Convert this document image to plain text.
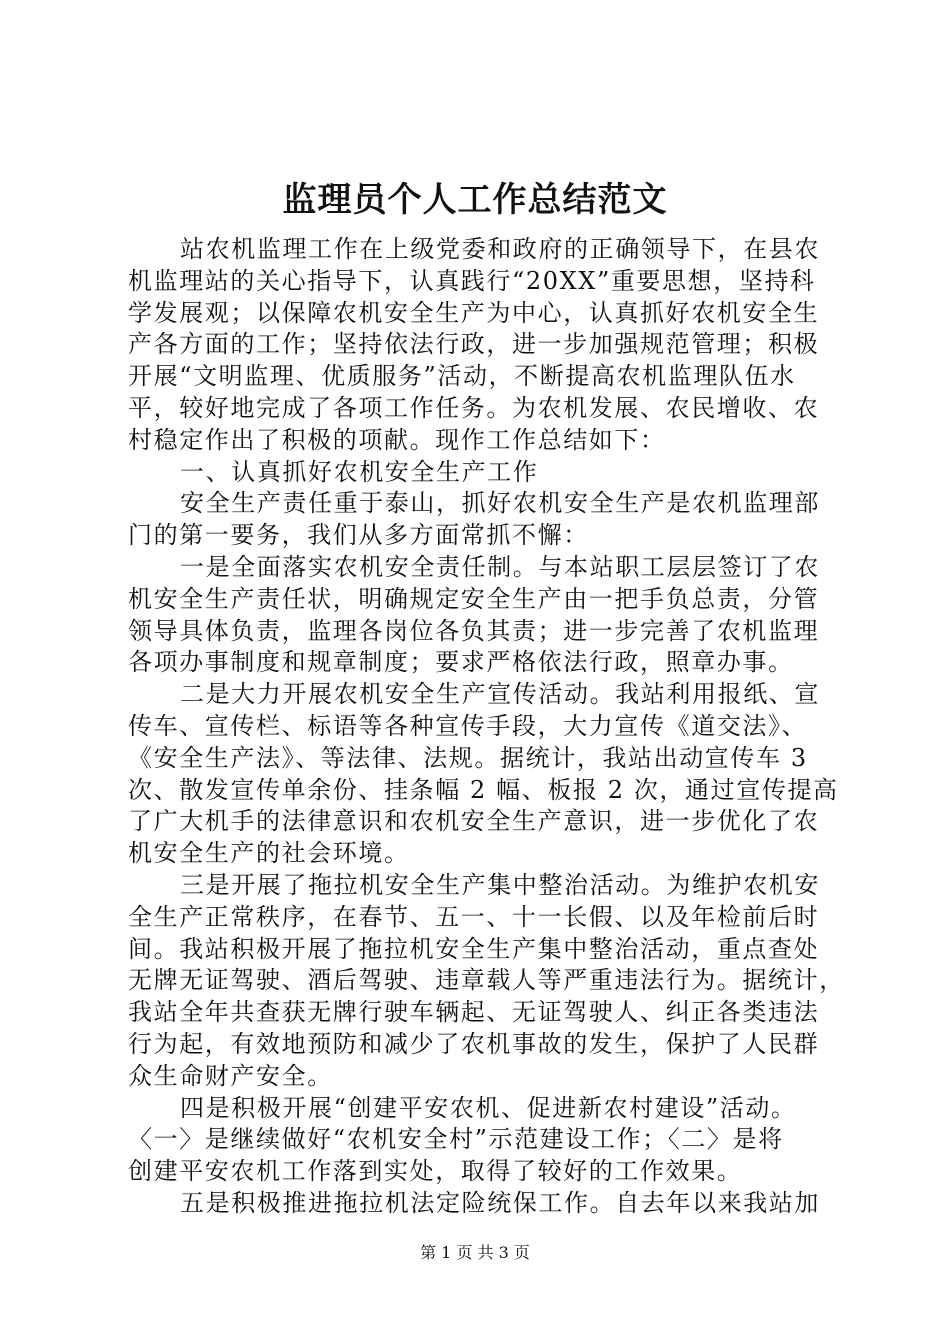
监理员个人工作总结范文
站农机监理工作在上级党委和政府的正确领导下，在县农
机监理站的关心指导下，认真践行“20XX”重要思想，坚持科
学发展观；以保障农机安全生产为中心，认真抓好农机安全生
产各方面的工作；坚持依法行政，进一步加强规范管理；积极
开展“文明监理、优质服务”活动，不断提高农机监理队伍水
平，较好地完成了各项工作任务。为农机发展、农民增收、农
村稳定作出了积极的项献。现作工作总结如下：
一、认真抓好农机安全生产工作
安全生产责任重于泰山，抓好农机安全生产是农机监理部
门的第一要务，我们从多方面常抓不懈：
一是全面落实农机安全责任制。与本站职工层层签订了农
机安全生产责任状，明确规定安全生产由一把手负总责，分管
领导具体负责，监理各岗位各负其责；进一步完善了农机监理
各项办事制度和规章制度；要求严格依法行政，照章办事。
二是大力开展农机安全生产宣传活动。我站利用报纸、宣
传车、宣传栏、标语等各种宣传手段，大力宣传《道交法》、
《安全生产法》、等法律、法规。据统计，我站出动宣传车 3
次、散发宣传单余份、挂条幅 2 幅、板报 2 次，通过宣传提高
了广大机手的法律意识和农机安全生产意识，进一步优化了农
机安全生产的社会环境。
三是开展了拖拉机安全生产集中整治活动。为维护农机安
全生产正常秩序，在春节、五一、十一长假、以及年检前后时
间。我站积极开展了拖拉机安全生产集中整治活动，重点查处
无牌无证驾驶、酒后驾驶、违章载人等严重违法行为。据统计，
我站全年共查获无牌行驶车辆起、无证驾驶人、纠正各类违法
行为起，有效地预防和减少了农机事故的发生，保护了人民群
众生命财产安全。
四是积极开展“创建平安农机、促进新农村建设”活动。
〈一〉是继续做好“农机安全村”示范建设工作；〈二〉是将
创建平安农机工作落到实处，取得了较好的工作效果。
五是积极推进拖拉机法定险统保工作。自去年以来我站加
第 1 页 共 3 页
